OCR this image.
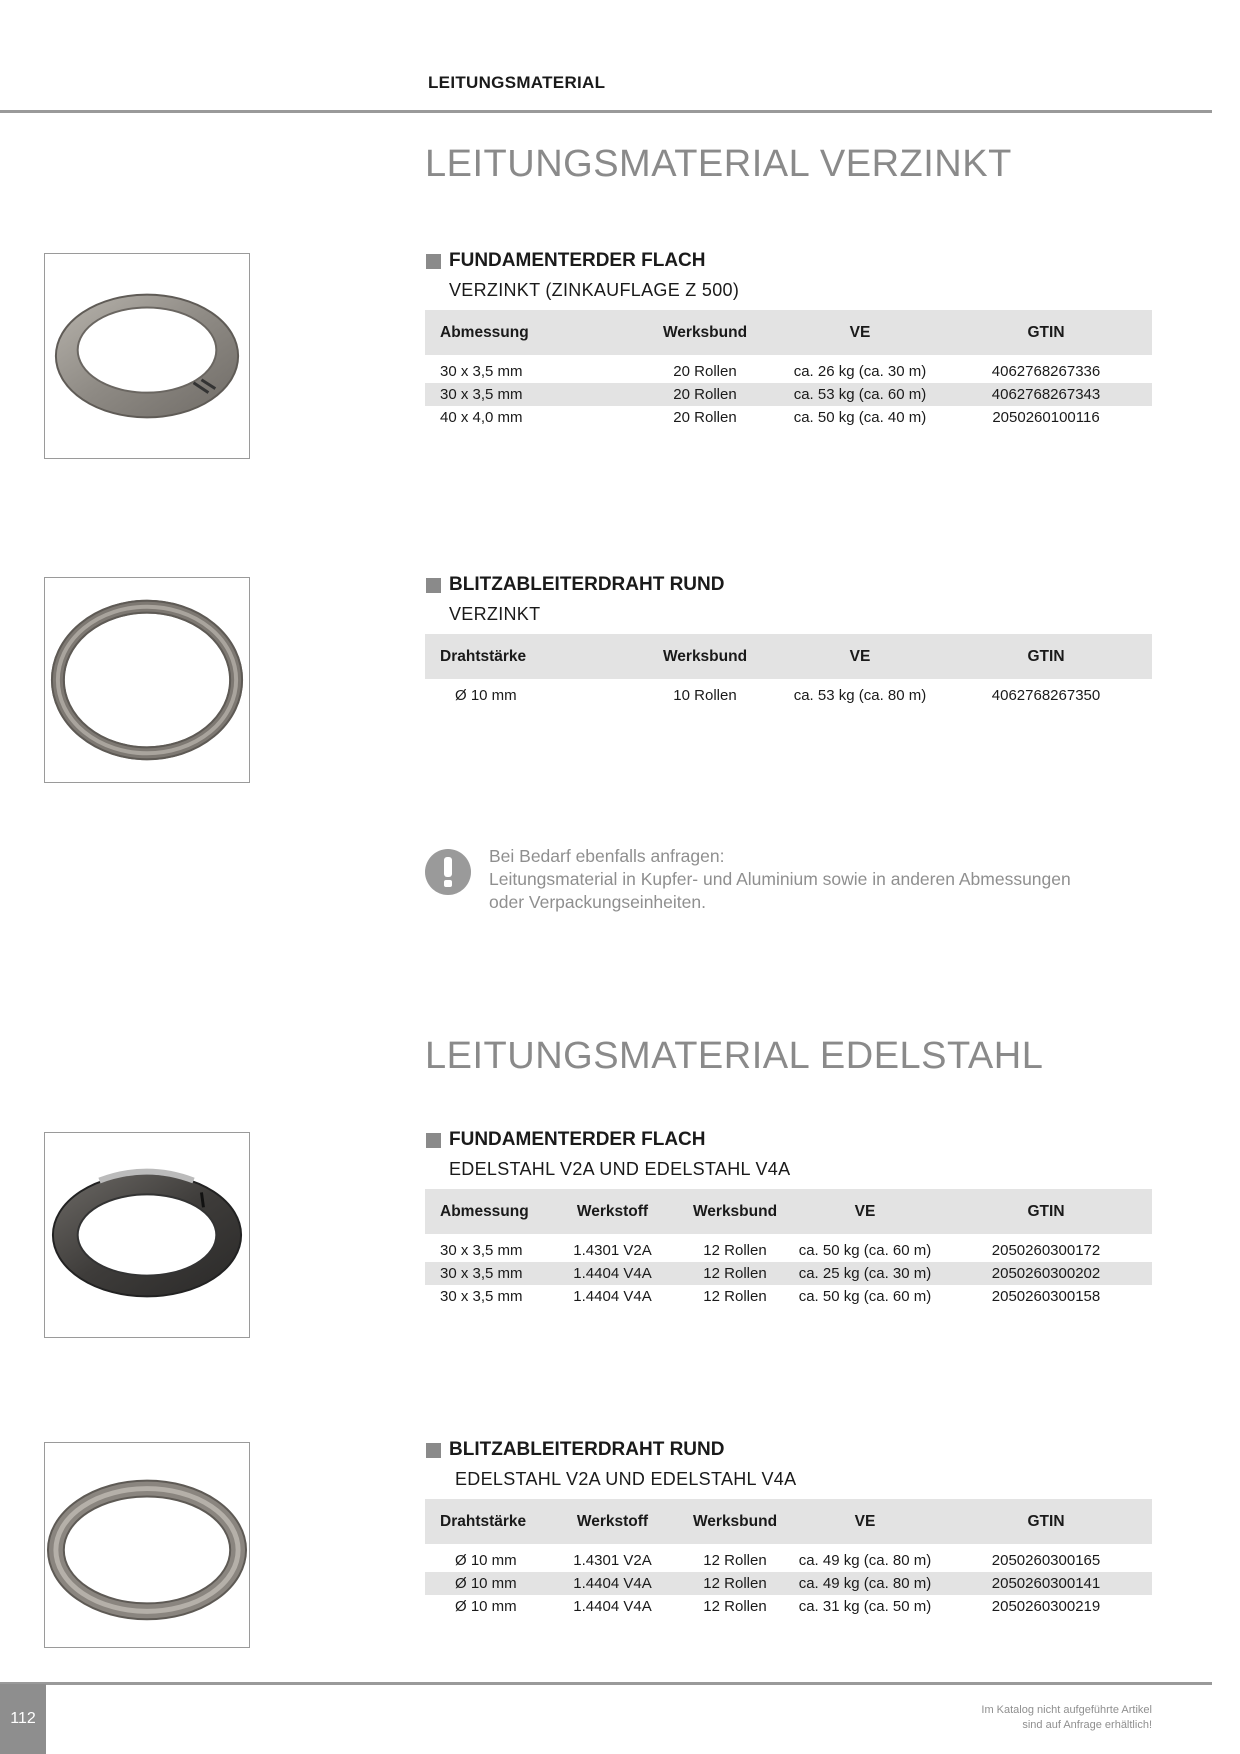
LEITUNGSMATERIAL
LEITUNGSMATERIAL VERZINKT
FUNDAMENTERDER FLACH
VERZINKT (ZINKAUFLAGE Z 500)
Abmessung	Werksbund	VE	GTIN

30 x 3,5 mm	20 Rollen	ca. 26 kg (ca. 30 m)	4062768267336
30 x 3,5 mm	20 Rollen	ca. 53 kg (ca. 60 m)	4062768267343
40 x 4,0 mm	20 Rollen	ca. 50 kg (ca. 40 m)	2050260100116
BLITZABLEITERDRAHT RUND
VERZINKT
Drahtstärke	Werksbund	VE	GTIN

Ø 10 mm	10 Rollen	ca. 53 kg (ca. 80 m)	4062768267350
Bei Bedarf ebenfalls anfragen:
Leitungsmaterial in Kupfer- und Aluminium sowie in anderen Abmessungen
oder Verpackungseinheiten.
LEITUNGSMATERIAL EDELSTAHL
FUNDAMENTERDER FLACH
EDELSTAHL V2A UND EDELSTAHL V4A
Abmessung	Werkstoff	Werksbund	VE	GTIN

30 x 3,5 mm	1.4301 V2A	12 Rollen	ca. 50 kg (ca. 60 m)	2050260300172
30 x 3,5 mm	1.4404 V4A	12 Rollen	ca. 25 kg (ca. 30 m)	2050260300202
30 x 3,5 mm	1.4404 V4A	12 Rollen	ca. 50 kg (ca. 60 m)	2050260300158
BLITZABLEITERDRAHT RUND
EDELSTAHL V2A UND EDELSTAHL V4A
Drahtstärke	Werkstoff	Werksbund	VE	GTIN

Ø 10 mm	1.4301 V2A	12 Rollen	ca. 49 kg (ca. 80 m)	2050260300165
Ø 10 mm	1.4404 V4A	12 Rollen	ca. 49 kg (ca. 80 m)	2050260300141
Ø 10 mm	1.4404 V4A	12 Rollen	ca. 31 kg (ca. 50 m)	2050260300219
112	Im Katalog nicht aufgeführte Artikel
sind auf Anfrage erhältlich!
